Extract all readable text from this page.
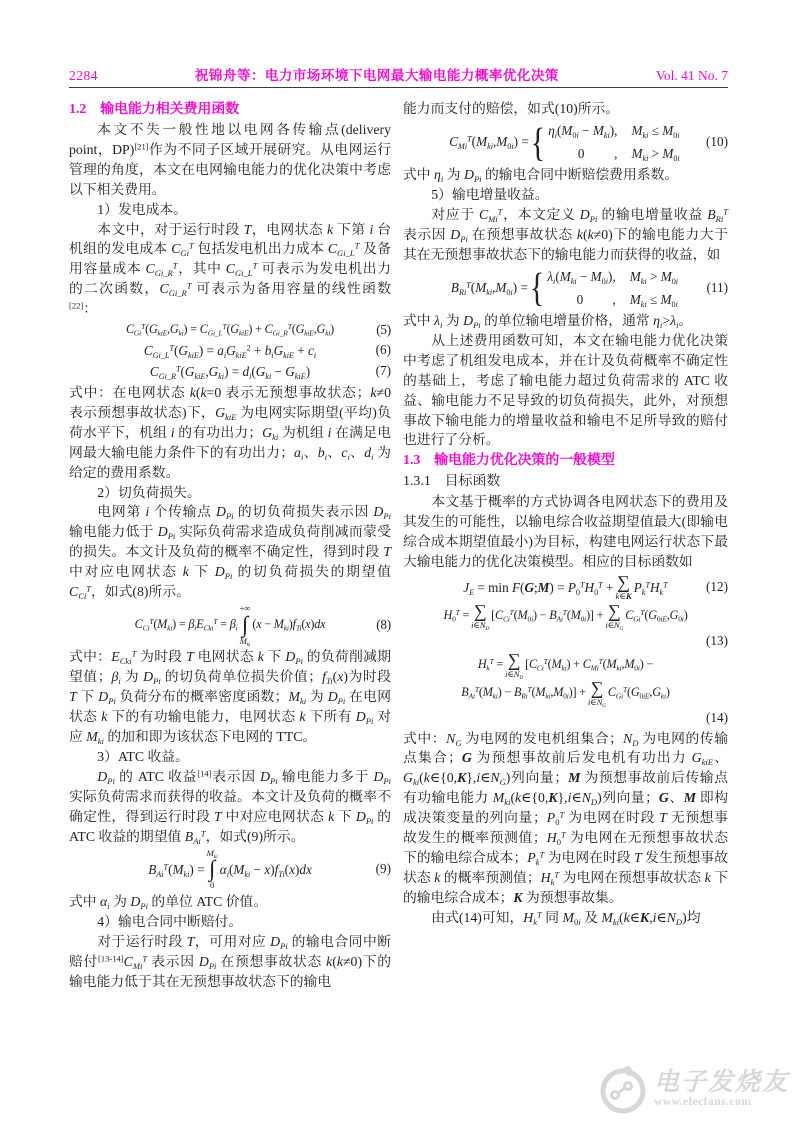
2284	祝锦舟等：电力市场环境下电网最大输电能力概率优化决策	Vol. 41 No. 7
1.2　输电能力相关费用函数

本文不失一般性地以电网各传输点(delivery point，DP)[21]作为不同子区域开展研究。从电网运行管理的角度，本文在电网输电能力的优化决策中考虑以下相关费用。

1）发电成本。

本文中，对于运行时段 T，电网状态 k 下第 i 台机组的发电成本 $C_{Gi}^T$ 包括发电机出力成本 $C_{Gi\_L}^T$ 及备用容量成本 $C_{Gi\_R}^T$，其中 $C_{Gi\_L}^T$ 可表示为发电机出力的二次函数，$C_{Gi\_R}^T$ 可表示为备用容量的线性函数[22]：

$C_{Gi}^T(G_{kiE},G_{ki}) = C_{Gi\_L}^T(G_{kiE}) + C_{Gi\_R}^T(G_{kiE},G_{ki})$	(5)
$C_{Gi\_L}^T(G_{kiE}) = a_iG_{kiE}^2 + b_iG_{kiE} + c_i$	(6)
$C_{Gi\_R}^T(G_{kiE},G_{ki}) = d_i(G_{ki} - G_{kiE})$	(7)

式中：在电网状态 k(k=0 表示无预想事故状态；k≠0 表示预想事故状态)下，$G_{kiE}$ 为电网实际期望(平均)负荷水平下，机组 i 的有功出力；$G_{ki}$ 为机组 i 在满足电网最大输电能力条件下的有功出力；$a_i$、$b_i$、$c_i$、$d_i$ 为给定的费用系数。

2）切负荷损失。

电网第 i 个传输点 $D_{Pi}$ 的切负荷损失表示因 $D_{Pi}$ 输电能力低于 $D_{Pi}$ 实际负荷需求造成负荷削减而蒙受的损失。本文计及负荷的概率不确定性，得到时段 T 中对应电网状态 k 下 $D_{Pi}$ 的切负荷损失的期望值 $C_{Ci}^T$，如式(8)所示。

$C_{Ci}^T(M_{ki}) = \beta_iE_{Cki}^T = \beta_i$
+∞
∫
$M_{ki}$
$(x - M_{ki})f_{Ti}(x)dx$	(8)

式中：$E_{Cki}^T$ 为时段 T 电网状态 k 下 $D_{Pi}$ 的负荷削减期望值；$\beta_i$ 为 $D_{Pi}$ 的切负荷单位损失价值；$f_{Ti}(x)$为时段 T 下 $D_{Pi}$ 负荷分布的概率密度函数；$M_{ki}$ 为 $D_{Pi}$ 在电网状态 k 下的有功输电能力，电网状态 k 下所有 $D_{Pi}$ 对应 $M_{ki}$ 的加和即为该状态下电网的 TTC。

3）ATC 收益。

$D_{Pi}$ 的 ATC 收益[14]表示因 $D_{Pi}$ 输电能力多于 $D_{Pi}$ 实际负荷需求而获得的收益。本文计及负荷的概率不确定性，得到运行时段 T 中对应电网状态 k 下 $D_{Pi}$ 的 ATC 收益的期望值 $B_{Ai}^T$，如式(9)所示。

$B_{Ai}^T(M_{ki})$ =
$M_{ki}$
∫
0
$\alpha_i(M_{ki} - x)f_{Ti}(x)dx$	(9)

式中 $\alpha_i$ 为 $D_{Pi}$ 的单位 ATC 价值。

4）输电合同中断赔付。

对于运行时段 T，可用对应 $D_{Pi}$ 的输电合同中断赔付$[13-14]C_{Mi}^T$ 表示因 $D_{Pi}$ 在预想事故状态 k(k≠0)下的输电能力低于其在无预想事故状态下的输电

能力而支付的赔偿，如式(10)所示。

$C_{Mi}^T(M_{ki},M_{0i})$ = { $\eta_i(M_{0i} - M_{ki})$ ,	$M_{ki} \le M_{0i}$
0	,	$M_{ki} > M_{0i}$
(10)

式中 $\eta_i$ 为 $D_{Pi}$ 的输电合同中断赔偿费用系数。

5）输电增量收益。

对应于 $C_{Mi}^T$，本文定义 $D_{Pi}$ 的输电增量收益 $B_{Ri}^T$ 表示因 $D_{Pi}$ 在预想事故状态 k(k≠0)下的输电能力大于其在无预想事故状态下的输电能力而获得的收益，如

$B_{Ri}^T(M_{ki},M_{0i})$ = { $\lambda_i(M_{ki} - M_{0i})$ ,	$M_{ki} > M_{0i}$
0	,	$M_{ki} \le M_{0i}$
(11)

式中 $\lambda_i$ 为 $D_{Pi}$ 的单位输电增量价格，通常 $\eta_i>\lambda_i$。

从上述费用函数可知，本文在输电能力优化决策中考虑了机组发电成本，并在计及负荷概率不确定性的基础上，考虑了输电能力超过负荷需求的 ATC 收益、输电能力不足导致的切负荷损失，此外，对预想事故下输电能力的增量收益和输电不足所导致的赔付也进行了分析。

1.3　输电能力优化决策的一般模型
1.3.1　目标函数

本文基于概率的方式协调各电网状态下的费用及其发生的可能性，以输电综合收益期望值最大(即输电综合成本期望值最小)为目标，构建电网运行状态下最大输电能力的优化决策模型。相应的目标函数如

$J_E = \min$ F(G;M) = $P_0^TH_0^T$ + ∑
k∈K
$P_k^TH_k^T$	(12)
$H_0^T$ = ∑
$i\in N_D$
$[C_{Ci}^T(M_{0i}) - B_{Ai}^T(M_{0i})]$ + ∑
$i\in N_G$
$C_{Gi}^T(G_{0iE},G_{0i})$
(13)
$H_k^T$ = ∑
$i\in N_D$
[$C_{Ci}^T(M_{ki}) + C_{Mi}^T(M_{ki},M_{0i})$ −
$B_{Ai}^T(M_{ki}) - B_{Ri}^T(M_{ki},M_{0i})$] + ∑
$i\in N_G$
$C_{Gi}^T(G_{0iE},G_{ki})$
(14)

式中：$N_G$ 为电网的发电机组集合；$N_D$ 为电网的传输点集合；G 为预想事故前后发电机有功出力 $G_{kiE}$、$G_{ki}(k\in\{0,K\},i\in N_G)$列向量；M 为预想事故前后传输点有功输电能力 $M_{ki}(k\in\{0,K\},i\in N_D)$列向量；G、M 即构成决策变量的列向量；$P_0^T$ 为电网在时段 T 无预想事故发生的概率预测值；$H_0^T$ 为电网在无预想事故状态下的输电综合成本；$P_k^T$ 为电网在时段 T 发生预想事故状态 k 的概率预测值；$H_k^T$ 为电网在预想事故状态 k 下的输电综合成本；K 为预想事故集。

由式(14)可知，$H_k^T$ 同 $M_{0i}$ 及 $M_{ki}(k\in K,i\in N_D)$均

电子发烧友
www.elecfans.com
